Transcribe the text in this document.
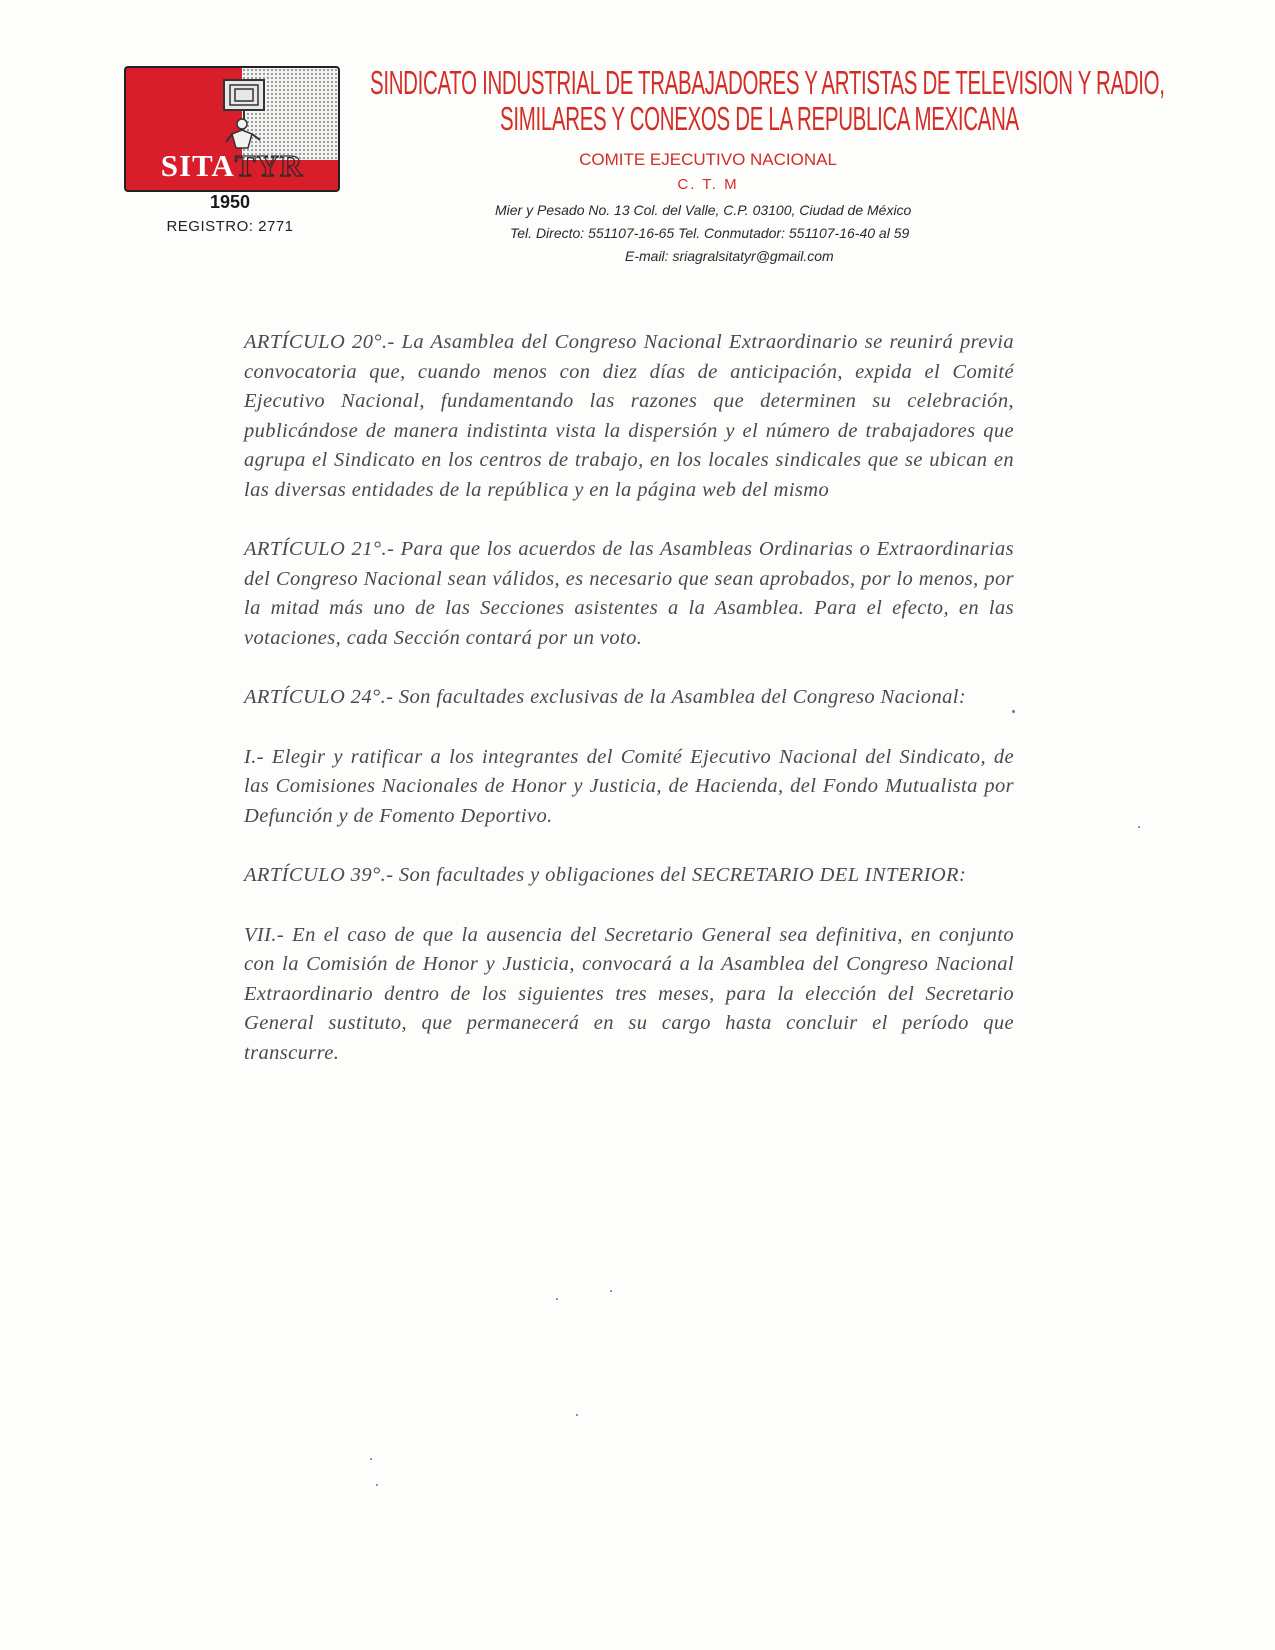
SITA TYR
1950
REGISTRO: 2771
SINDICATO INDUSTRIAL DE TRABAJADORES Y ARTISTAS DE TELEVISION Y RADIO,
SIMILARES Y CONEXOS DE LA REPUBLICA MEXICANA
COMITE EJECUTIVO NACIONAL
C. T. M
Mier y Pesado No. 13 Col. del Valle, C.P. 03100, Ciudad de México
Tel. Directo: 551107-16-65 Tel. Conmutador: 551107-16-40 al 59
E-mail: sriagralsitatyr@gmail.com

ARTÍCULO 20°.- La Asamblea del Congreso Nacional Extraordinario se reunirá previa convocatoria que, cuando menos con diez días de anticipación, expida el Comité Ejecutivo Nacional, fundamentando las razones que determinen su celebración, publicándose de manera indistinta vista la dispersión y el número de trabajadores que agrupa el Sindicato en los centros de trabajo, en los locales sindicales que se ubican en las diversas entidades de la república y en la página web del mismo

ARTÍCULO 21°.- Para que los acuerdos de las Asambleas Ordinarias o Extraordinarias del Congreso Nacional sean válidos, es necesario que sean aprobados, por lo menos, por la mitad más uno de las Secciones asistentes a la Asamblea. Para el efecto, en las votaciones, cada Sección contará por un voto.

ARTÍCULO 24°.- Son facultades exclusivas de la Asamblea del Congreso Nacional:

I.- Elegir y ratificar a los integrantes del Comité Ejecutivo Nacional del Sindicato, de las Comisiones Nacionales de Honor y Justicia, de Hacienda, del Fondo Mutualista por Defunción y de Fomento Deportivo.

ARTÍCULO 39°.- Son facultades y obligaciones del SECRETARIO DEL INTERIOR:

VII.- En el caso de que la ausencia del Secretario General sea definitiva, en conjunto con la Comisión de Honor y Justicia, convocará a la Asamblea del Congreso Nacional Extraordinario dentro de los siguientes tres meses, para la elección del Secretario General sustituto, que permanecerá en su cargo hasta concluir el período que transcurre.
